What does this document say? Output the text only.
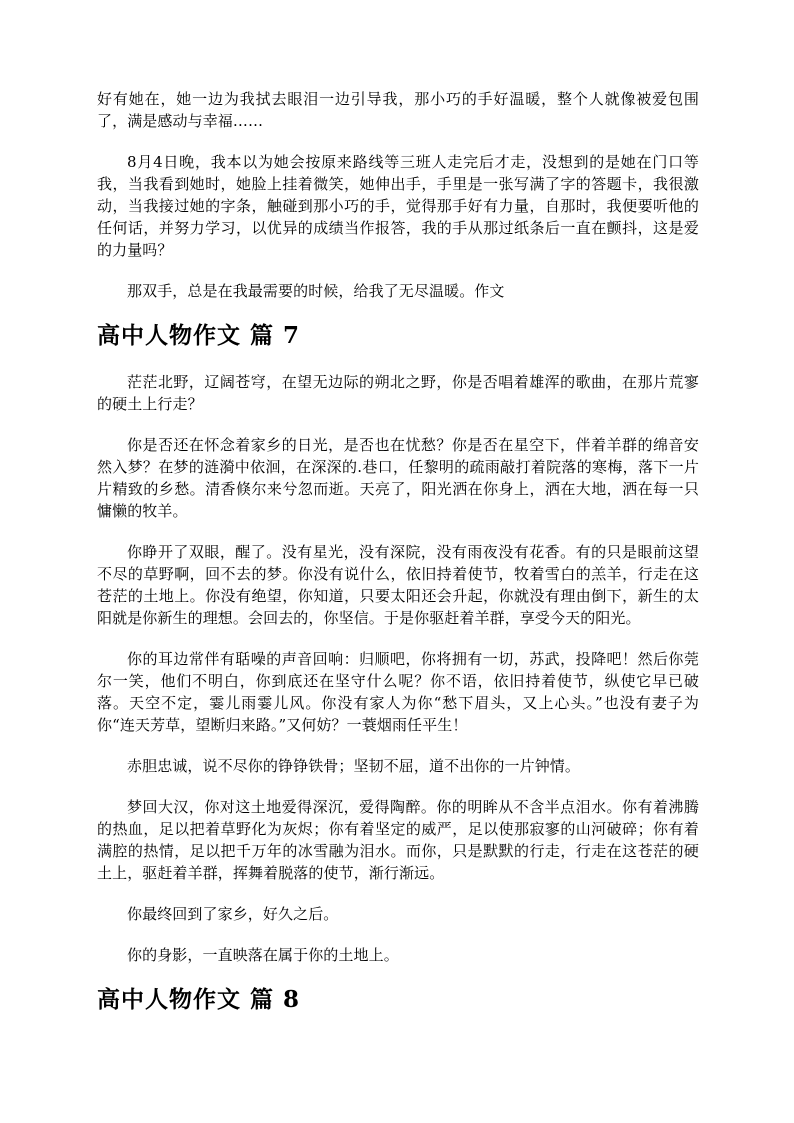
好有她在，她一边为我拭去眼泪一边引导我，那小巧的手好温暖，整个人就像被爱包围了，满是感动与幸福……

8月4日晚，我本以为她会按原来路线等三班人走完后才走，没想到的是她在门口等我，当我看到她时，她脸上挂着微笑，她伸出手，手里是一张写满了字的答题卡，我很激动，当我接过她的字条，触碰到那小巧的手，觉得那手好有力量，自那时，我便要听他的任何话，并努力学习，以优异的成绩当作报答，我的手从那过纸条后一直在颤抖，这是爱的力量吗？

那双手，总是在我最需要的时候，给我了无尽温暖。作文

高中人物作文 篇 7

茫茫北野，辽阔苍穹，在望无边际的朔北之野，你是否唱着雄浑的歌曲，在那片荒寥的硬土上行走？

你是否还在怀念着家乡的日光，是否也在忧愁？你是否在星空下，伴着羊群的绵音安然入梦？在梦的涟漪中依洄，在深深的.巷口，任黎明的疏雨敲打着院落的寒梅，落下一片片精致的乡愁。清香倏尔来兮忽而逝。天亮了，阳光洒在你身上，洒在大地，洒在每一只慵懒的牧羊。

你睁开了双眼，醒了。没有星光，没有深院，没有雨夜没有花香。有的只是眼前这望不尽的草野啊，回不去的梦。你没有说什么，依旧持着使节，牧着雪白的羔羊，行走在这苍茫的土地上。你没有绝望，你知道，只要太阳还会升起，你就没有理由倒下，新生的太阳就是你新生的理想。会回去的，你坚信。于是你驱赶着羊群，享受今天的阳光。

你的耳边常伴有聒噪的声音回响：归顺吧，你将拥有一切，苏武，投降吧！然后你莞尔一笑，他们不明白，你到底还在坚守什么呢？你不语，依旧持着使节，纵使它早已破落。天空不定，霎儿雨霎儿风。你没有家人为你“愁下眉头，又上心头。”也没有妻子为你“连天芳草，望断归来路。”又何妨？一蓑烟雨任平生！

赤胆忠诚，说不尽你的铮铮铁骨；坚韧不屈，道不出你的一片钟情。

梦回大汉，你对这土地爱得深沉，爱得陶醉。你的明眸从不含半点泪水。你有着沸腾的热血，足以把着草野化为灰烬；你有着坚定的威严，足以使那寂寥的山河破碎；你有着满腔的热情，足以把千万年的冰雪融为泪水。而你，只是默默的行走，行走在这苍茫的硬土上，驱赶着羊群，挥舞着脱落的使节，渐行渐远。

你最终回到了家乡，好久之后。

你的身影，一直映落在属于你的土地上。

高中人物作文 篇 8
